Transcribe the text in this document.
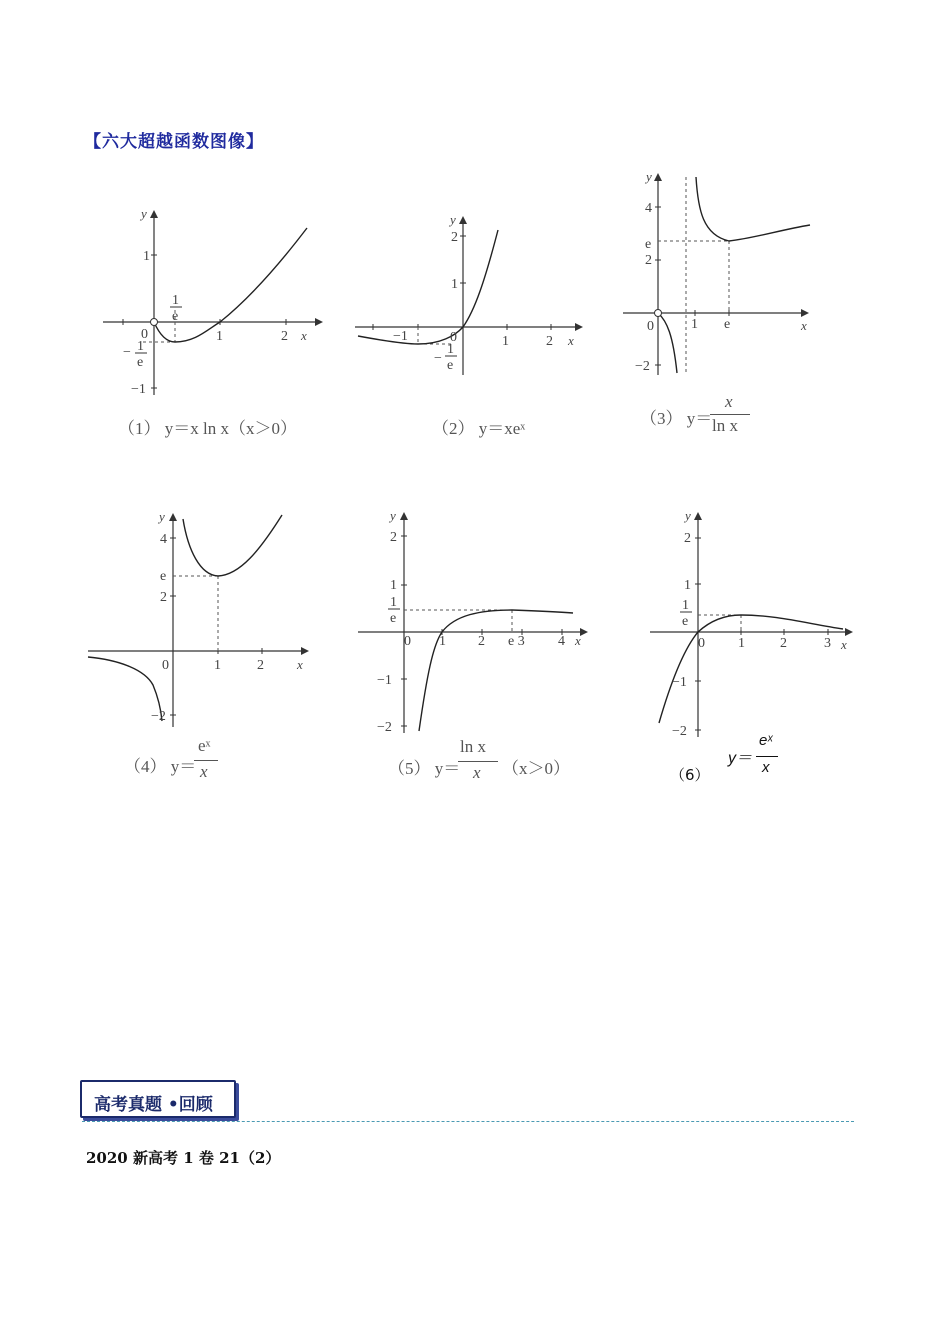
【六大超越函数图像】
y
x
1
0	1	2
−1
1
e
− 1
e
（1） y＝x ln x（x＞0）
y
x
2
1
−1	0	1	2
−
1
e
（2） y＝xeˣ
y
x
4
e
2
0	1 e
−2
（3） y＝
x
ln x
y
x
4
e
2
0	1	2
−2
（4） y＝
eˣ
x
y
x
2
1
1
e
0 1 2 e 3 4
−1
−2
（5） y＝
ln x
x （x＞0）
y
x
2
1
1
e
0 1	2	3
−1
−2
（6）
y＝
eˣ
x
高考真题 •回顾
2020 新高考 1 卷 21（2）
